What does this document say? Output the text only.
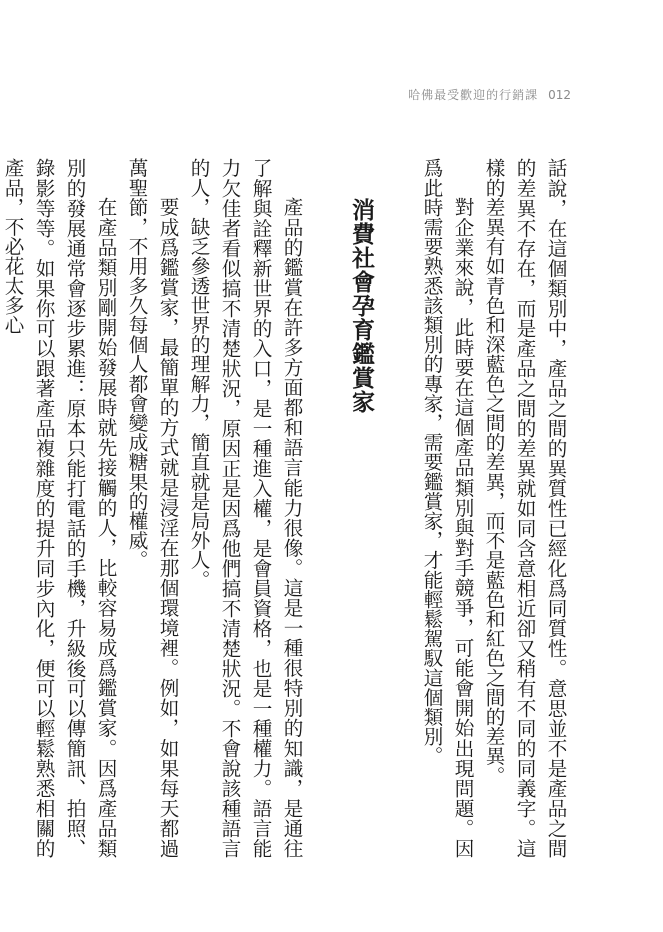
哈佛最受歡迎的行銷課 012

話說，在這個類別中，產品之間的異質性已經化爲同質性。意思並不是產品之間的差異不存在，而是產品之間的差異就如同含意相近卻又稍有不同的同義字。這樣的差異有如青色和深藍色之間的差異，而不是藍色和紅色之間的差異。

對企業來說，此時要在這個產品類別與對手競爭，可能會開始出現問題。因爲此時需要熟悉該類別的專家，需要鑑賞家，才能輕鬆駕馭這個類別。

消費社會孕育鑑賞家

產品的鑑賞在許多方面都和語言能力很像。這是一種很特別的知識，是通往了解與詮釋新世界的入口，是一種進入權，是會員資格，也是一種權力。語言能力欠佳者看似搞不清楚狀況，原因正是因爲他們搞不清楚狀況。不會說該種語言的人，缺乏參透世界的理解力，簡直就是局外人。

要成爲鑑賞家，最簡單的方式就是浸淫在那個環境裡。例如，如果每天都過萬聖節，不用多久每個人都會變成糖果的權威。

在產品類別剛開始發展時就先接觸的人，比較容易成爲鑑賞家。因爲產品類別的發展通常會逐步累進：原本只能打電話的手機，升級後可以傳簡訊、拍照、錄影等等。如果你可以跟著產品複雜度的提升同步內化，便可以輕鬆熟悉相關的產品，不必花太多心
